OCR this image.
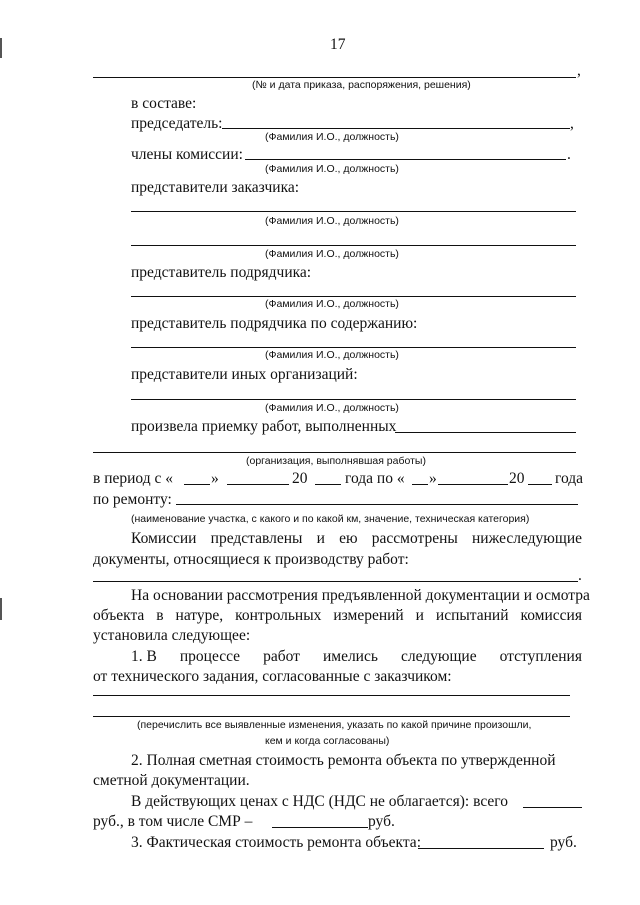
17
,
(№ и дата приказа, распоряжения, решения)
в составе:
председатель:	,
(Фамилия И.О., должность)
члены комиссии:	.
(Фамилия И.О., должность)
представители заказчика:
(Фамилия И.О., должность)
(Фамилия И.О., должность)
представитель подрядчика:
(Фамилия И.О., должность)
представитель подрядчика по содержанию:
(Фамилия И.О., должность)
представители иных организаций:
(Фамилия И.О., должность)
произвела приемку работ, выполненных
(организация, выполнявшая работы)
в период с « »	20 года по « »	20 года
по ремонту:
(наименование участка, с какого и по какой км, значение, техническая категория)
Комиссии представлены и ею рассмотрены нижеследующие
документы, относящиеся к производству работ:
.
На основании рассмотрения предъявленной документации и осмотра
объекта в натуре, контрольных измерений и испытаний комиссия
установила следующее:
1. В процессе работ имелись следующие отступления
от технического задания, согласованные с заказчиком:
(перечислить все выявленные изменения, указать по какой причине произошли,
кем и когда согласованы)
2. Полная сметная стоимость ремонта объекта по утвержденной
сметной документации.
В действующих ценах с НДС (НДС не облагается): всего
руб., в том числе СМР –	руб.
3. Фактическая стоимость ремонта объекта:	руб.
